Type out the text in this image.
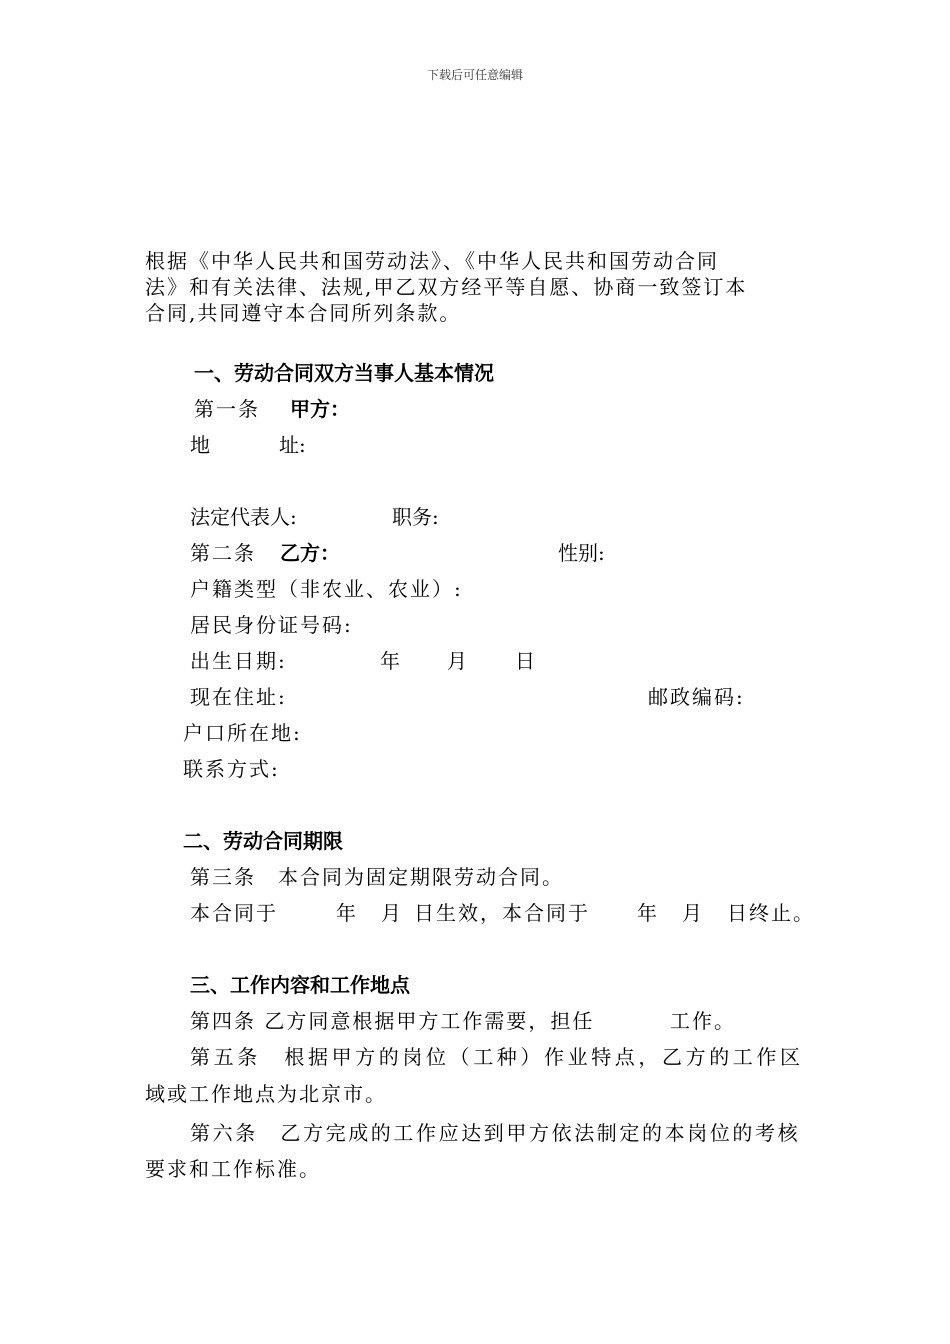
下载后可任意编辑
根据《中华人民共和国劳动法》、《中华人民共和国劳动合同
法》和有关法律、法规,甲乙双方经平等自愿、协商一致签订本
合同,共同遵守本合同所列条款。
一、劳动合同双方当事人基本情况
第一条 甲方：
地	址:
法定代表人:	职务:
第二条 乙方：	性别:
户籍类型（非农业、农业）:
居民身份证号码:
出生日期:	年 月 日
现在住址:	邮政编码:
户口所在地:
联系方式:
二、劳动合同期限
第三条　本合同为固定期限劳动合同。
本合同于	年 月 日生效，本合同于 年 月 日终止。
三、工作内容和工作地点
第四条 乙方同意根据甲方工作需要，担任	工作。
第五条　根据甲方的岗位（工种）作业特点，乙方的工作区
域或工作地点为北京市。
第六条　乙方完成的工作应达到甲方依法制定的本岗位的考核
要求和工作标准。
